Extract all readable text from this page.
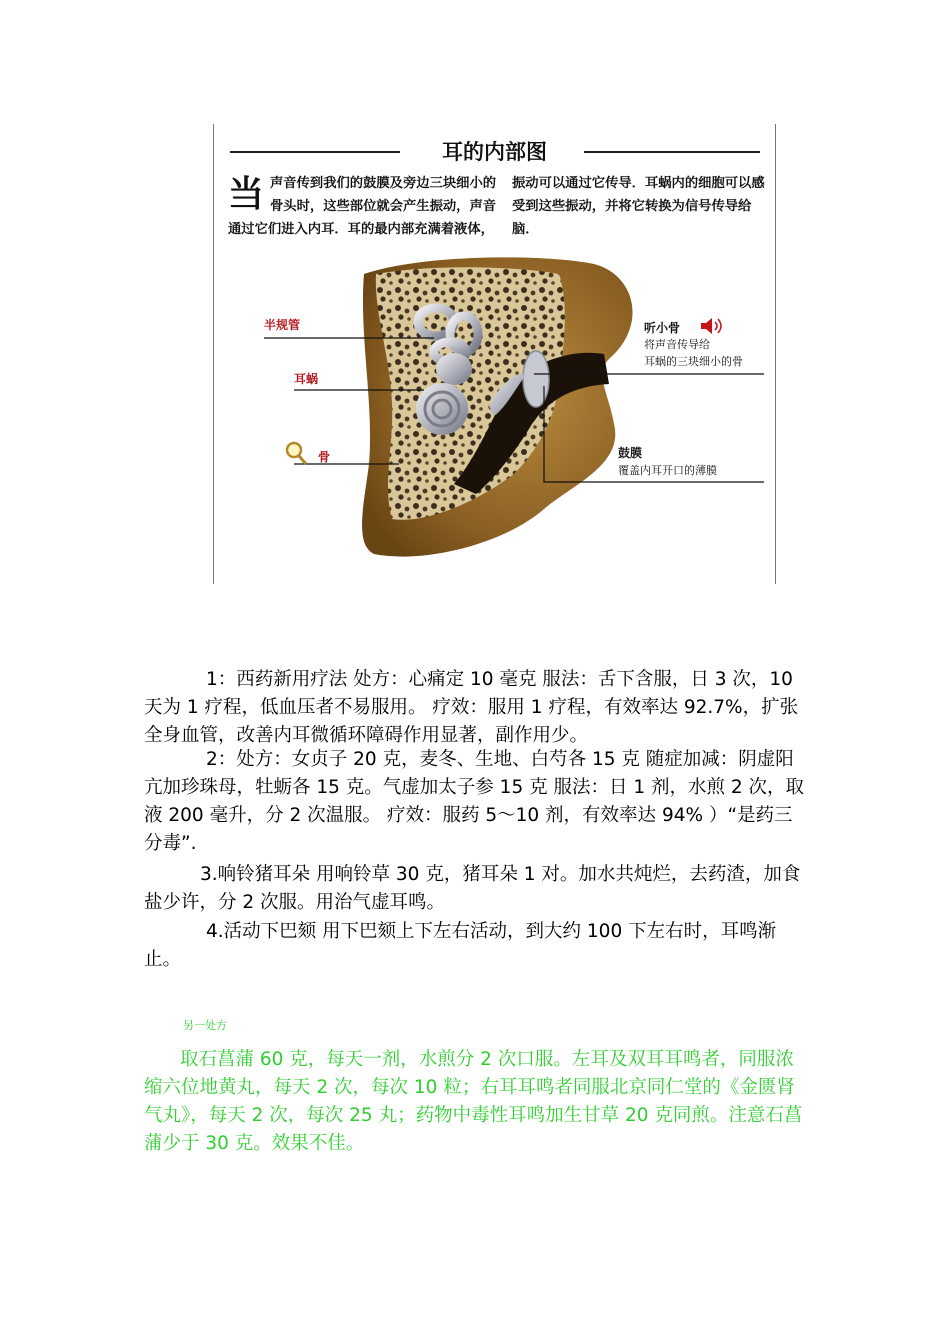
耳的内部图
当 声音传到我们的鼓膜及旁边三块细小的骨头时，这些部位就会产生振动，声音通过它们进入内耳．耳的最内部充满着液体，
振动可以通过它传导．耳蜗内的细胞可以感受到这些振动，并将它转换为信号传导给脑．
半规管
耳蜗
骨
听小骨
将声音传导给
耳蜗的三块细小的骨
鼓膜
覆盖内耳开口的薄膜
1：西药新用疗法 处方：心痛定 10 毫克 服法：舌下含服，日 3 次，10 天为 1 疗程，低血压者不易服用。 疗效：服用 1 疗程，有效率达 92.7%，扩张全身血管，改善内耳微循环障碍作用显著，副作用少。
2：处方：女贞子 20 克，麦冬、生地、白芍各 15 克 随症加减：阴虚阳亢加珍珠母，牡蛎各 15 克。气虚加太子参 15 克 服法：日 1 剂，水煎 2 次，取液 200 毫升，分 2 次温服。 疗效：服药 5～10 剂，有效率达 94% ）“是药三分毒”.
3.响铃猪耳朵 用响铃草 30 克，猪耳朵 1 对。加水共炖烂，去药渣，加食盐少许，分 2 次服。用治气虚耳鸣。
4.活动下巴颏 用下巴颏上下左右活动，到大约 100 下左右时，耳鸣渐止。
另一处方
取石菖蒲 60 克，每天一剂，水煎分 2 次口服。左耳及双耳耳鸣者，同服浓缩六位地黄丸，每天 2 次，每次 10 粒；右耳耳鸣者同服北京同仁堂的《金匮肾气丸》，每天 2 次，每次 25 丸；药物中毒性耳鸣加生甘草 20 克同煎。注意石菖蒲少于 30 克。效果不佳。
